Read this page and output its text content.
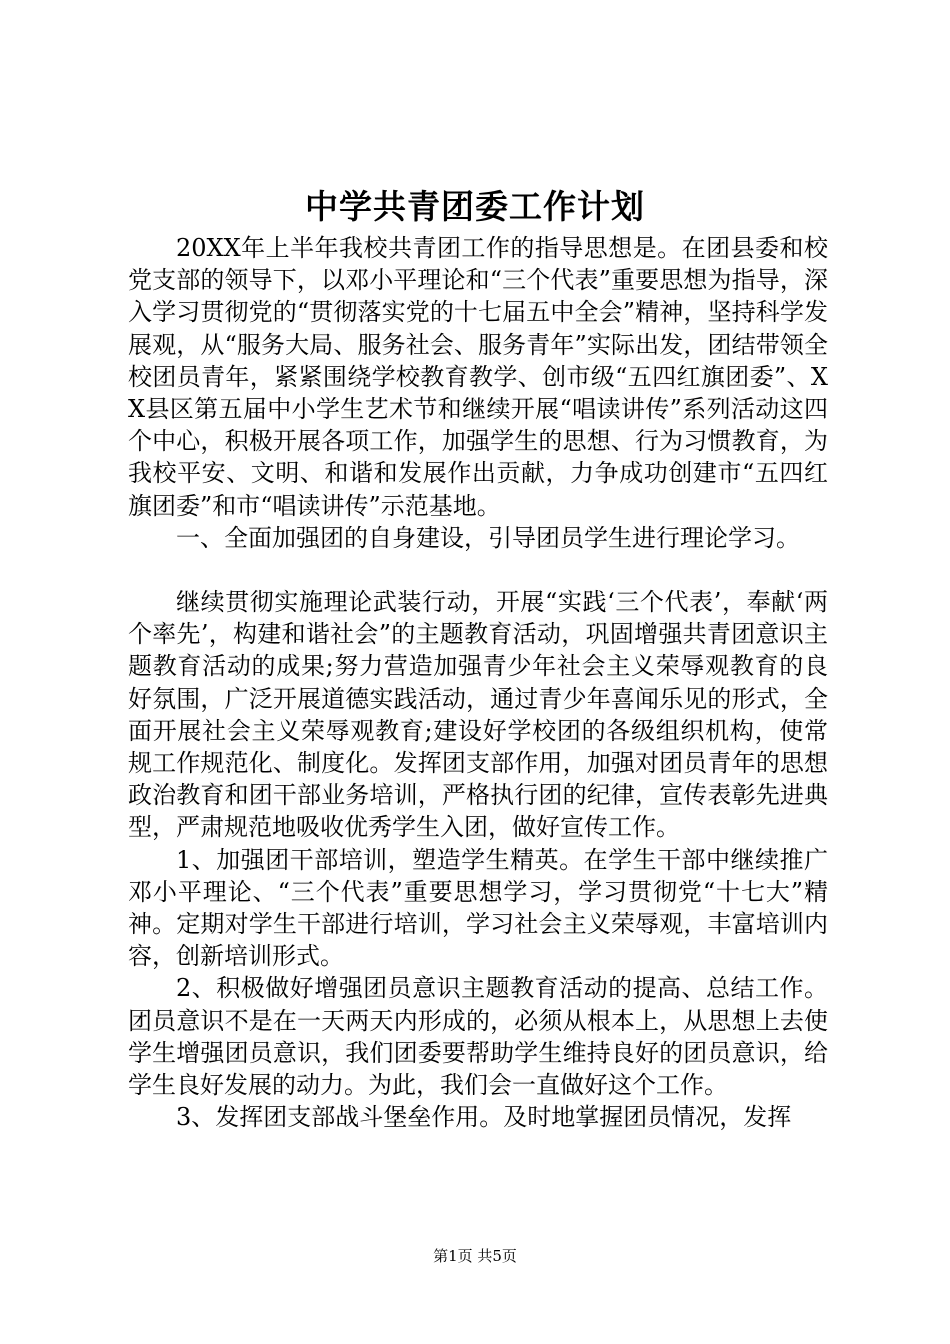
中学共青团委工作计划

20XX年上半年我校共青团工作的指导思想是。在团县委和校党支部的领导下，以邓小平理论和“三个代表”重要思想为指导，深入学习贯彻党的“贯彻落实党的十七届五中全会”精神，坚持科学发展观，从“服务大局、服务社会、服务青年”实际出发，团结带领全校团员青年，紧紧围绕学校教育教学、创市级“五四红旗团委”、XX县区第五届中小学生艺术节和继续开展“唱读讲传”系列活动这四个中心，积极开展各项工作，加强学生的思想、行为习惯教育，为我校平安、文明、和谐和发展作出贡献，力争成功创建市“五四红旗团委”和市“唱读讲传”示范基地。

一、全面加强团的自身建设，引导团员学生进行理论学习。

继续贯彻实施理论武装行动，开展“实践‘三个代表’，奉献‘两个率先’，构建和谐社会”的主题教育活动，巩固增强共青团意识主题教育活动的成果;努力营造加强青少年社会主义荣辱观教育的良好氛围，广泛开展道德实践活动，通过青少年喜闻乐见的形式，全面开展社会主义荣辱观教育;建设好学校团的各级组织机构，使常规工作规范化、制度化。发挥团支部作用，加强对团员青年的思想政治教育和团干部业务培训，严格执行团的纪律，宣传表彰先进典型，严肃规范地吸收优秀学生入团，做好宣传工作。

1、加强团干部培训，塑造学生精英。在学生干部中继续推广邓小平理论、“三个代表”重要思想学习，学习贯彻党“十七大”精神。定期对学生干部进行培训，学习社会主义荣辱观，丰富培训内容，创新培训形式。

2、积极做好增强团员意识主题教育活动的提高、总结工作。团员意识不是在一天两天内形成的，必须从根本上，从思想上去使学生增强团员意识，我们团委要帮助学生维持良好的团员意识，给学生良好发展的动力。为此，我们会一直做好这个工作。

3、发挥团支部战斗堡垒作用。及时地掌握团员情况，发挥

第1页 共5页
